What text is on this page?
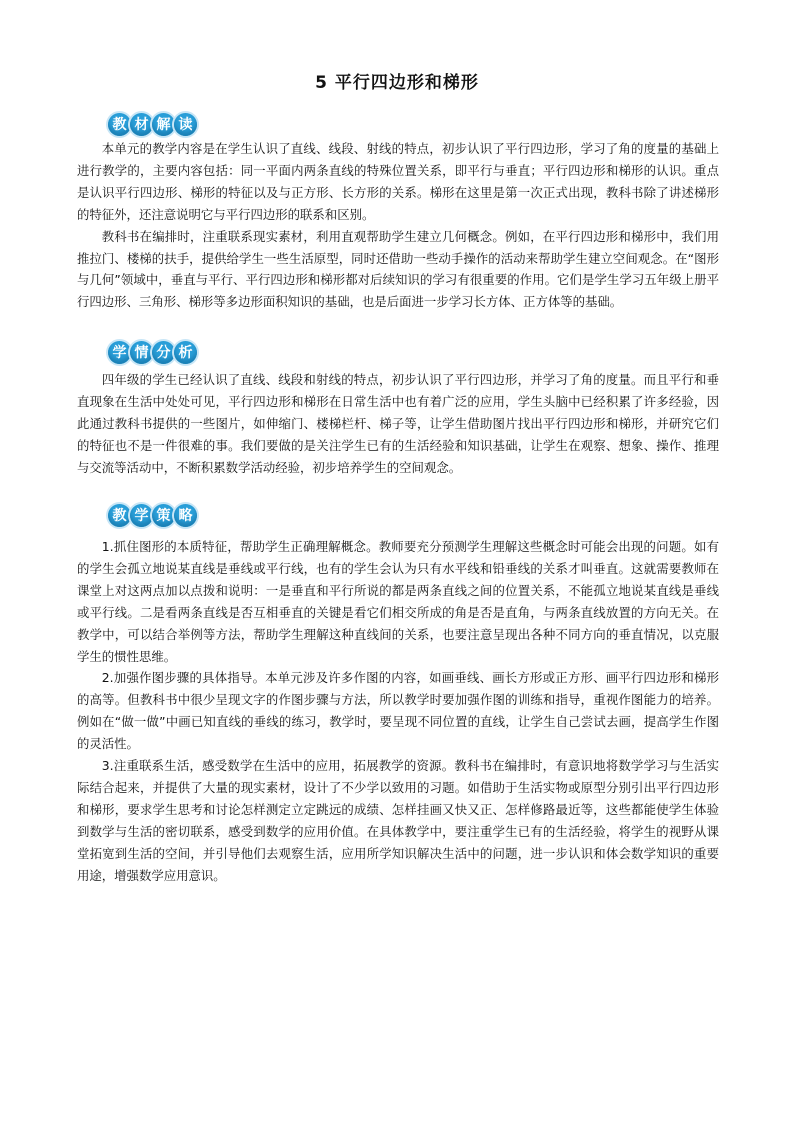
5 平行四边形和梯形
教 材 解 读

本单元的教学内容是在学生认识了直线、线段、射线的特点，初步认识了平行四边形，学习了角的度量的基础上进行教学的，主要内容包括：同一平面内两条直线的特殊位置关系，即平行与垂直；平行四边形和梯形的认识。重点是认识平行四边形、梯形的特征以及与正方形、长方形的关系。梯形在这里是第一次正式出现，教科书除了讲述梯形的特征外，还注意说明它与平行四边形的联系和区别。

教科书在编排时，注重联系现实素材，利用直观帮助学生建立几何概念。例如，在平行四边形和梯形中，我们用推拉门、楼梯的扶手，提供给学生一些生活原型，同时还借助一些动手操作的活动来帮助学生建立空间观念。在“图形与几何”领域中，垂直与平行、平行四边形和梯形都对后续知识的学习有很重要的作用。它们是学生学习五年级上册平行四边形、三角形、梯形等多边形面积知识的基础，也是后面进一步学习长方体、正方体等的基础。

学 情 分 析

四年级的学生已经认识了直线、线段和射线的特点，初步认识了平行四边形，并学习了角的度量。而且平行和垂直现象在生活中处处可见，平行四边形和梯形在日常生活中也有着广泛的应用，学生头脑中已经积累了许多经验，因此通过教科书提供的一些图片，如伸缩门、楼梯栏杆、梯子等，让学生借助图片找出平行四边形和梯形，并研究它们的特征也不是一件很难的事。我们要做的是关注学生已有的生活经验和知识基础，让学生在观察、想象、操作、推理与交流等活动中，不断积累数学活动经验，初步培养学生的空间观念。

教 学 策 略

1.抓住图形的本质特征，帮助学生正确理解概念。教师要充分预测学生理解这些概念时可能会出现的问题。如有的学生会孤立地说某直线是垂线或平行线，也有的学生会认为只有水平线和铅垂线的关系才叫垂直。这就需要教师在课堂上对这两点加以点拨和说明：一是垂直和平行所说的都是两条直线之间的位置关系，不能孤立地说某直线是垂线或平行线。二是看两条直线是否互相垂直的关键是看它们相交所成的角是否是直角，与两条直线放置的方向无关。在教学中，可以结合举例等方法，帮助学生理解这种直线间的关系，也要注意呈现出各种不同方向的垂直情况，以克服学生的惯性思维。

2.加强作图步骤的具体指导。本单元涉及许多作图的内容，如画垂线、画长方形或正方形、画平行四边形和梯形的高等。但教科书中很少呈现文字的作图步骤与方法，所以教学时要加强作图的训练和指导，重视作图能力的培养。例如在“做一做”中画已知直线的垂线的练习，教学时，要呈现不同位置的直线，让学生自己尝试去画，提高学生作图的灵活性。

3.注重联系生活，感受数学在生活中的应用，拓展教学的资源。教科书在编排时，有意识地将数学学习与生活实际结合起来，并提供了大量的现实素材，设计了不少学以致用的习题。如借助于生活实物或原型分别引出平行四边形和梯形，要求学生思考和讨论怎样测定立定跳远的成绩、怎样挂画又快又正、怎样修路最近等，这些都能使学生体验到数学与生活的密切联系，感受到数学的应用价值。在具体教学中，要注重学生已有的生活经验，将学生的视野从课堂拓宽到生活的空间，并引导他们去观察生活，应用所学知识解决生活中的问题，进一步认识和体会数学知识的重要用途，增强数学应用意识。
